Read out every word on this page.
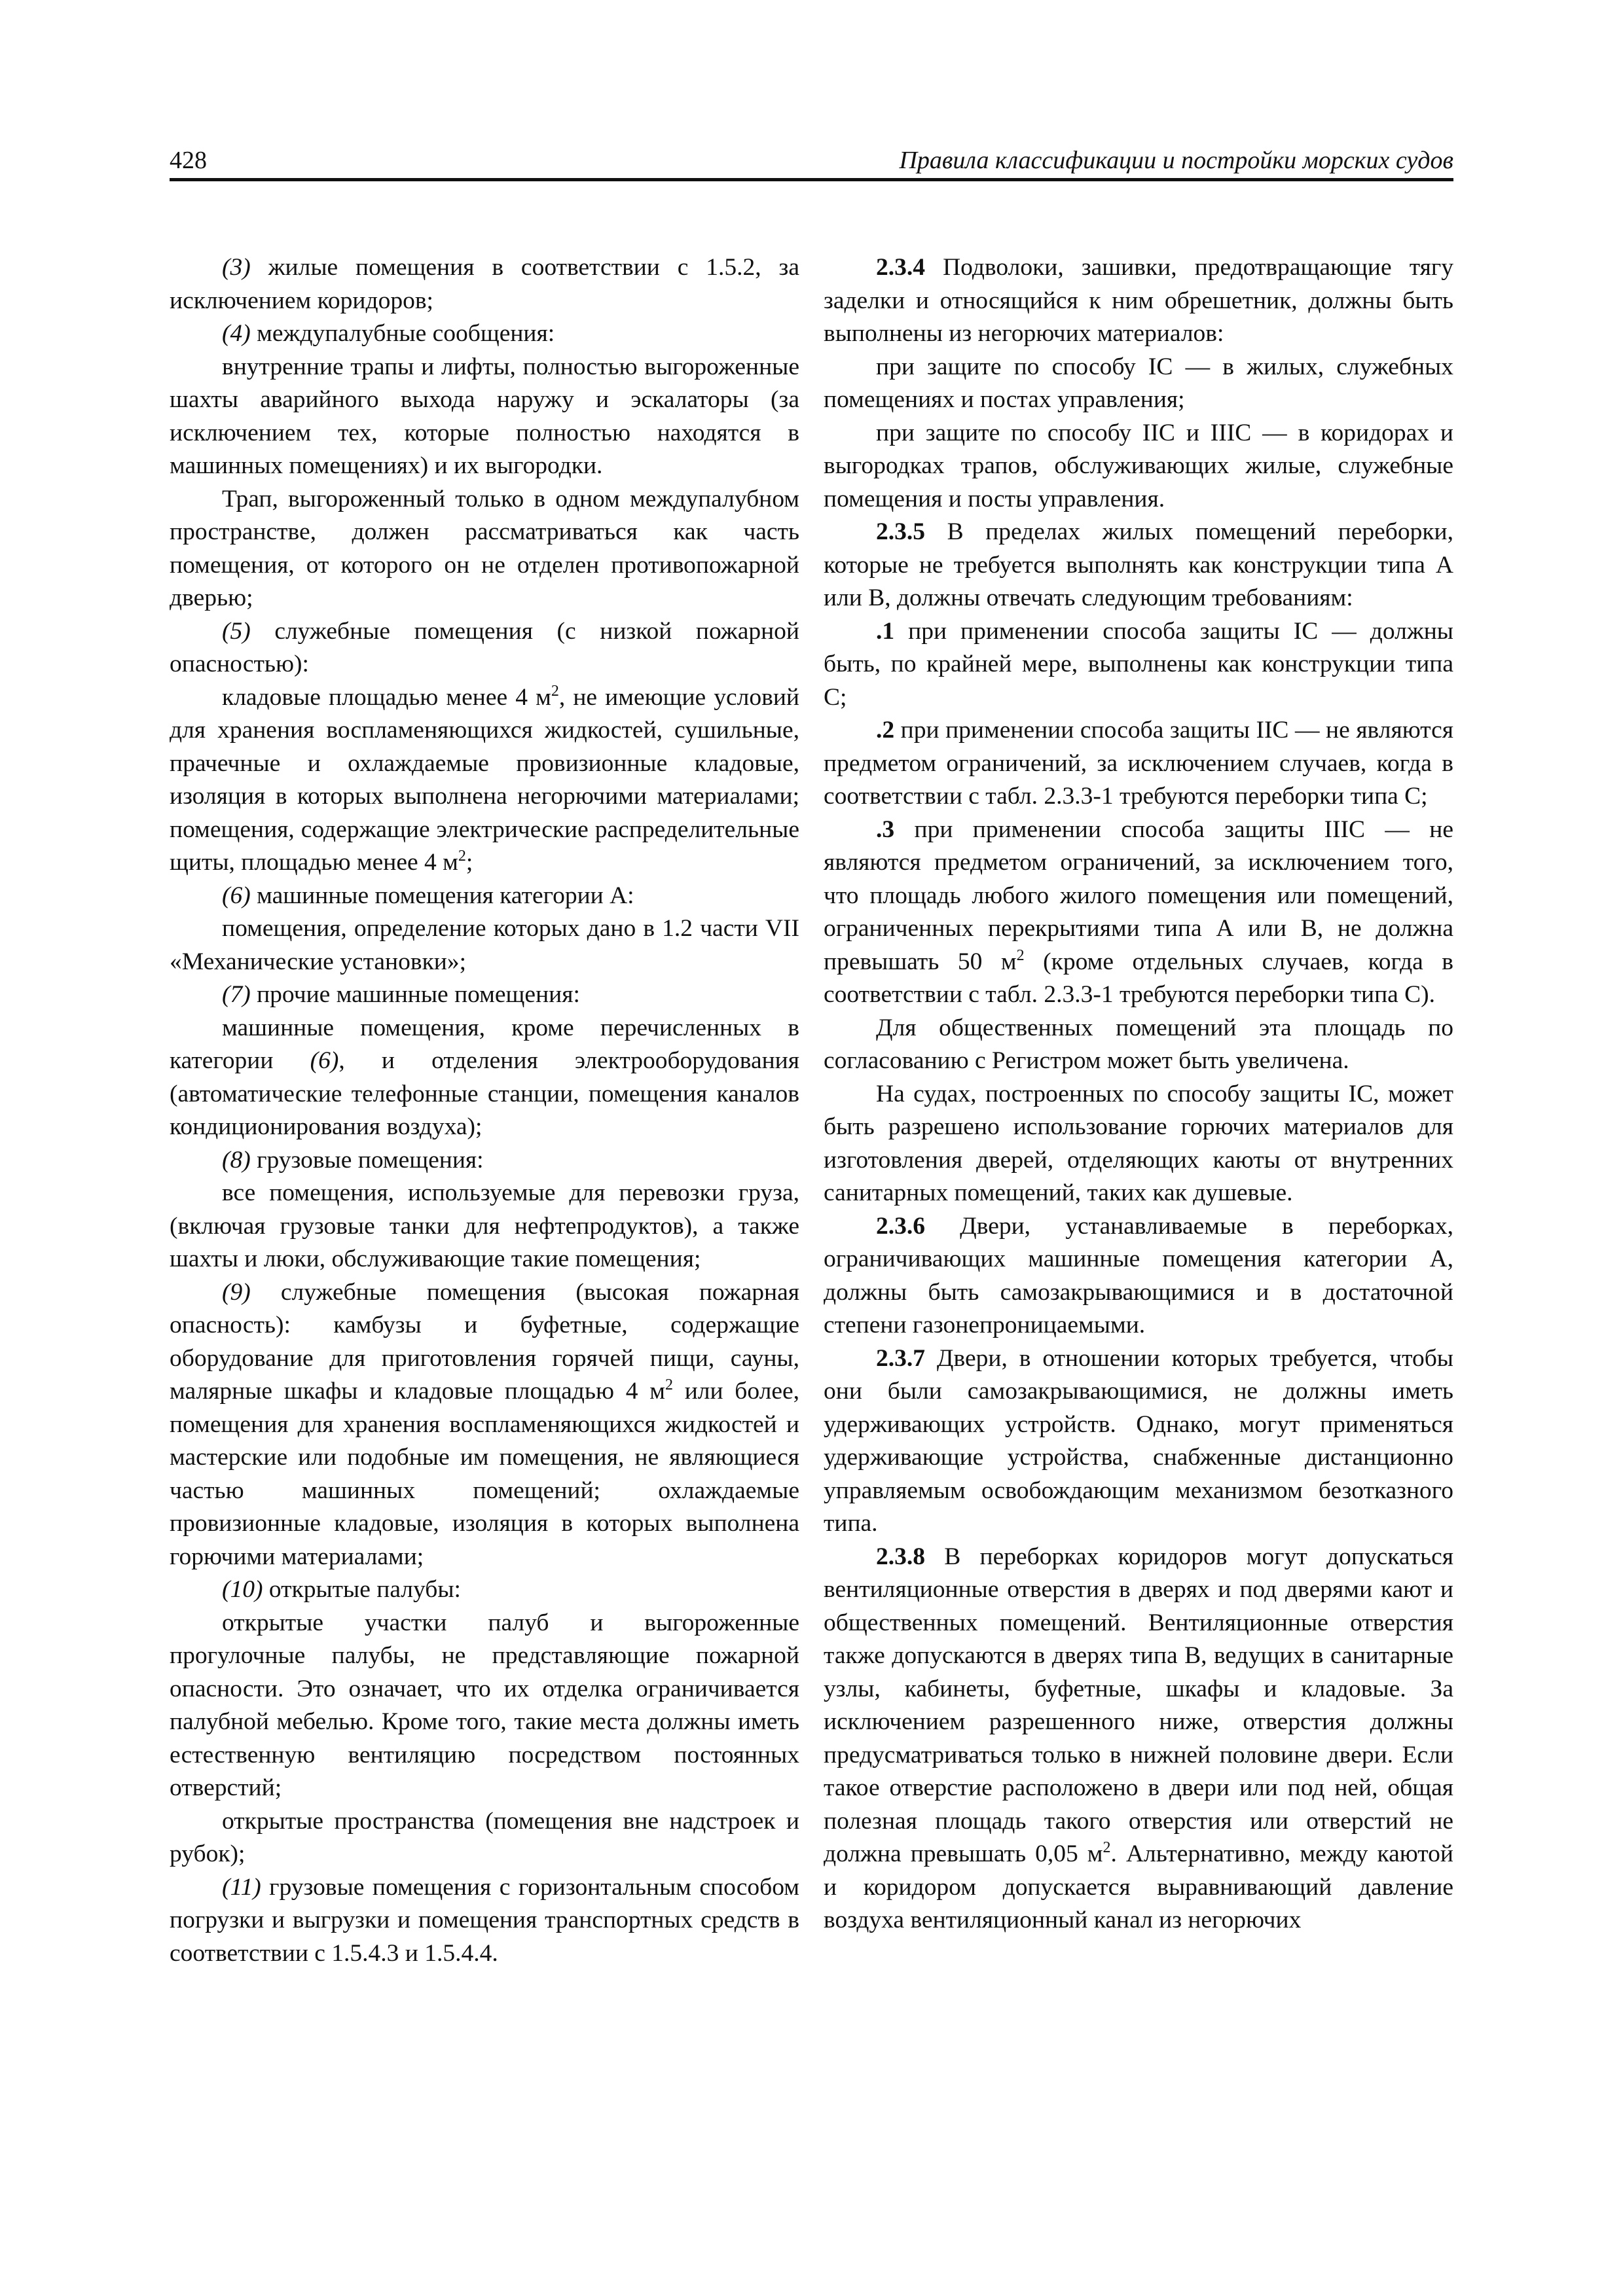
428	Правила классификации и постройки морских судов

(3) жилые помещения в соответствии с 1.5.2, за исключением коридоров;

(4) междупалубные сообщения:

внутренние трапы и лифты, полностью выгороженные шахты аварийного выхода наружу и эскалаторы (за исключением тех, которые полностью находятся в машинных помещениях) и их выгородки.

Трап, выгороженный только в одном междупалубном пространстве, должен рассматриваться как часть помещения, от которого он не отделен противопожарной дверью;

(5) служебные помещения (с низкой пожарной опасностью):

кладовые площадью менее 4 $м^2$, не имеющие условий для хранения воспламеняющихся жидкостей, сушильные, прачечные и охлаждаемые провизионные кладовые, изоляция в которых выполнена негорючими материалами; помещения, содержащие электрические распределительные щиты, площадью менее 4 $м^2$;

(6) машинные помещения категории А:

помещения, определение которых дано в 1.2 части VII «Механические установки»;

(7) прочие машинные помещения:

машинные помещения, кроме перечисленных в категории (6), и отделения электрооборудования (автоматические телефонные станции, помещения каналов кондиционирования воздуха);

(8) грузовые помещения:

все помещения, используемые для перевозки груза, (включая грузовые танки для нефтепродуктов), а также шахты и люки, обслуживающие такие помещения;

(9) служебные помещения (высокая пожарная опасность): камбузы и буфетные, содержащие оборудование для приготовления горячей пищи, сауны, малярные шкафы и кладовые площадью 4 $м^2$ или более, помещения для хранения воспламеняющихся жидкостей и мастерские или подобные им помещения, не являющиеся частью машинных помещений; охлаждаемые провизионные кладовые, изоляция в которых выполнена горючими материалами;

(10) открытые палубы:

открытые участки палуб и выгороженные прогулочные палубы, не представляющие пожарной опасности. Это означает, что их отделка ограничивается палубной мебелью. Кроме того, такие места должны иметь естественную вентиляцию посредством постоянных отверстий;

открытые пространства (помещения вне надстроек и рубок);

(11) грузовые помещения с горизонтальным способом погрузки и выгрузки и помещения транспортных средств в соответствии с 1.5.4.3 и 1.5.4.4.

2.3.4 Подволоки, зашивки, предотвращающие тягу заделки и относящийся к ним обрешетник, должны быть выполнены из негорючих материалов:

при защите по способу IC — в жилых, служебных помещениях и постах управления;

при защите по способу IIC и IIIC — в коридорах и выгородках трапов, обслуживающих жилые, служебные помещения и посты управления.

2.3.5 В пределах жилых помещений переборки, которые не требуется выполнять как конструкции типа А или В, должны отвечать следующим требованиям:

.1 при применении способа защиты IC — должны быть, по крайней мере, выполнены как конструкции типа С;

.2 при применении способа защиты IIC — не являются предметом ограничений, за исключением случаев, когда в соответствии с табл. 2.3.3-1 требуются переборки типа С;

.3 при применении способа защиты IIIC — не являются предметом ограничений, за исключением того, что площадь любого жилого помещения или помещений, ограниченных перекрытиями типа А или В, не должна превышать 50 $м^2$ (кроме отдельных случаев, когда в соответствии с табл. 2.3.3-1 требуются переборки типа С).

Для общественных помещений эта площадь по согласованию с Регистром может быть увеличена.

На судах, построенных по способу защиты IC, может быть разрешено использование горючих материалов для изготовления дверей, отделяющих каюты от внутренних санитарных помещений, таких как душевые.

2.3.6 Двери, устанавливаемые в переборках, ограничивающих машинные помещения категории А, должны быть самозакрывающимися и в достаточной степени газонепроницаемыми.

2.3.7 Двери, в отношении которых требуется, чтобы они были самозакрывающимися, не должны иметь удерживающих устройств. Однако, могут применяться удерживающие устройства, снабженные дистанционно управляемым освобождающим механизмом безотказного типа.

2.3.8 В переборках коридоров могут допускаться вентиляционные отверстия в дверях и под дверями кают и общественных помещений. Вентиляционные отверстия также допускаются в дверях типа В, ведущих в санитарные узлы, кабинеты, буфетные, шкафы и кладовые. За исключением разрешенного ниже, отверстия должны предусматриваться только в нижней половине двери. Если такое отверстие расположено в двери или под ней, общая полезная площадь такого отверстия или отверстий не должна превышать 0,05 $м^2$. Альтернативно, между каютой и коридором допускается выравнивающий давление воздуха вентиляционный канал из негорючих
